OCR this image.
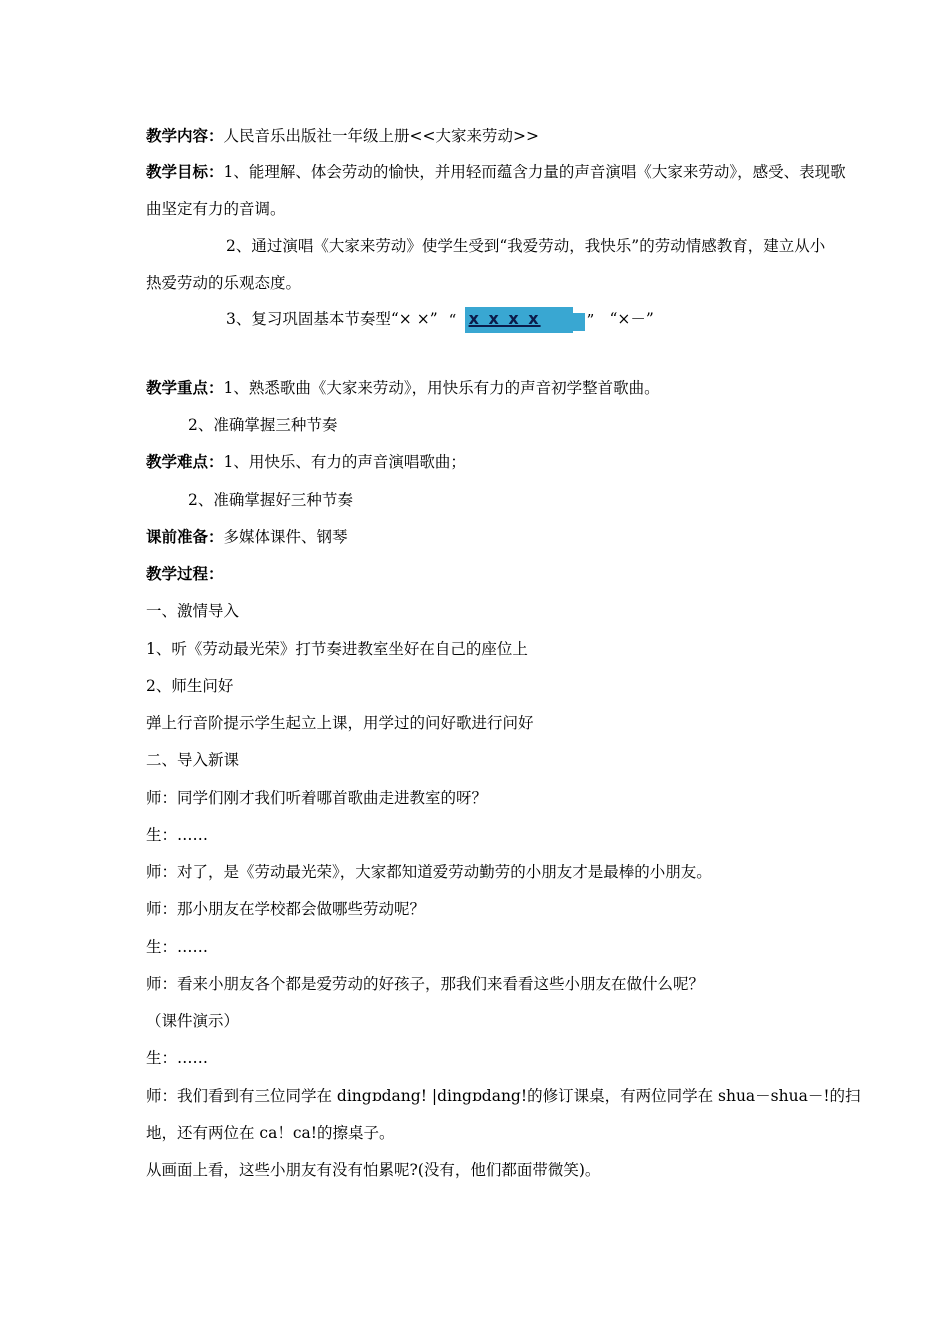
教学内容：人民音乐出版社一年级上册<<大家来劳动>>
教学目标：1、能理解、体会劳动的愉快，并用轻而蕴含力量的声音演唱《大家来劳动》，感受、表现歌
曲坚定有力的音调。
2、通过演唱《大家来劳动》使学生受到“我爱劳动，我快乐”的劳动情感教育，建立从小
热爱劳动的乐观态度。
3、复习巩固基本节奏型“× ×” “ x x x x	” “×－”
教学重点：1、熟悉歌曲《大家来劳动》，用快乐有力的声音初学整首歌曲。
2、准确掌握三种节奏
教学难点：1、用快乐、有力的声音演唱歌曲；
2、准确掌握好三种节奏
课前准备：多媒体课件、钢琴
教学过程：
一、激情导入
1、听《劳动最光荣》打节奏进教室坐好在自己的座位上
2、师生问好
弹上行音阶提示学生起立上课，用学过的问好歌进行问好
二、导入新课
师：同学们刚才我们听着哪首歌曲走进教室的呀？
生：……
师：对了，是《劳动最光荣》，大家都知道爱劳动勤劳的小朋友才是最棒的小朋友。
师：那小朋友在学校都会做哪些劳动呢？
生：……
师：看来小朋友各个都是爱劳动的好孩子，那我们来看看这些小朋友在做什么呢？
（课件演示）
生：……
师：我们看到有三位同学在 dingɒdang! |dingɒdang!的修订课桌，有两位同学在 shua－shua－!的扫
地，还有两位在 ca！ca!的擦桌子。
从画面上看，这些小朋友有没有怕累呢?(没有，他们都面带微笑)。
